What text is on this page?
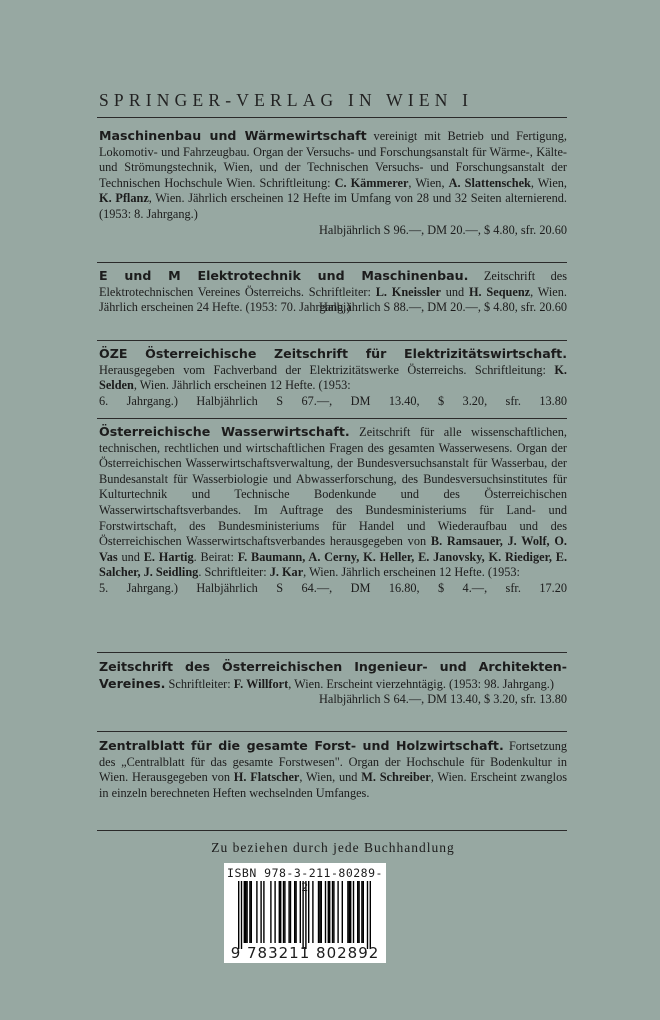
SPRINGER-VERLAG IN WIEN I
Maschinenbau und Wärmewirtschaft vereinigt mit Betrieb und Fertigung, Lokomotiv- und Fahrzeugbau. Organ der Versuchs- und Forschungsanstalt für Wärme-, Kälte- und Strömungstechnik, Wien, und der Technischen Versuchs- und Forschungsanstalt der Technischen Hochschule Wien. Schriftleitung: C. Kämmerer, Wien, A. Slattenschek, Wien, K. Pflanz, Wien. Jährlich erscheinen 12 Hefte im Umfang von 28 und 32 Seiten alternierend. (1953: 8. Jahrgang.)
Halbjährlich S 96.—, DM 20.—, $ 4.80, sfr. 20.60
E und M Elektrotechnik und Maschinenbau. Zeitschrift des Elektrotechnischen Vereines Österreichs. Schriftleiter: L. Kneissler und H. Sequenz, Wien. Jährlich erscheinen 24 Hefte. (1953: 70. Jahrgang.)
Halbjährlich S 88.—, DM 20.—, $ 4.80, sfr. 20.60
ÖZE Österreichische Zeitschrift für Elektrizitätswirtschaft. Herausgegeben vom Fachverband der Elektrizitätswerke Österreichs. Schriftleitung: K. Selden, Wien. Jährlich erscheinen 12 Hefte. (1953:
6. Jahrgang.) Halbjährlich S 67.—, DM 13.40, $ 3.20, sfr. 13.80
Österreichische Wasserwirtschaft. Zeitschrift für alle wissenschaftlichen, technischen, rechtlichen und wirtschaftlichen Fragen des gesamten Wasserwesens. Organ der Österreichischen Wasserwirtschaftsverwaltung, der Bundesversuchsanstalt für Wasserbau, der Bundesanstalt für Wasserbiologie und Abwasserforschung, des Bundesversuchsinstitutes für Kulturtechnik und Technische Bodenkunde und des Österreichischen Wasserwirtschaftsverbandes. Im Auftrage des Bundesministeriums für Land- und Forstwirtschaft, des Bundesministeriums für Handel und Wiederaufbau und des Österreichischen Wasserwirtschaftsverbandes herausgegeben von B. Ramsauer, J. Wolf, O. Vas und E. Hartig. Beirat: F. Baumann, A. Cerny, K. Heller, E. Janovsky, K. Riediger, E. Salcher, J. Seidling. Schriftleiter: J. Kar, Wien. Jährlich erscheinen 12 Hefte. (1953:
5. Jahrgang.) Halbjährlich S 64.—, DM 16.80, $ 4.—, sfr. 17.20
Zeitschrift des Österreichischen Ingenieur- und Architekten-Vereines. Schriftleiter: F. Willfort, Wien. Erscheint vierzehntägig. (1953: 98. Jahrgang.)
Halbjährlich S 64.—, DM 13.40, $ 3.20, sfr. 13.80
Zentralblatt für die gesamte Forst- und Holzwirtschaft. Fortsetzung des „Centralblatt für das gesamte Forstwesen". Organ der Hochschule für Bodenkultur in Wien. Herausgegeben von H. Flatscher, Wien, und M. Schreiber, Wien. Erscheint zwanglos in einzeln berechneten Heften wechselnden Umfanges.
Zu beziehen durch jede Buchhandlung
ISBN 978-3-211-80289-2
9 783211 802892
